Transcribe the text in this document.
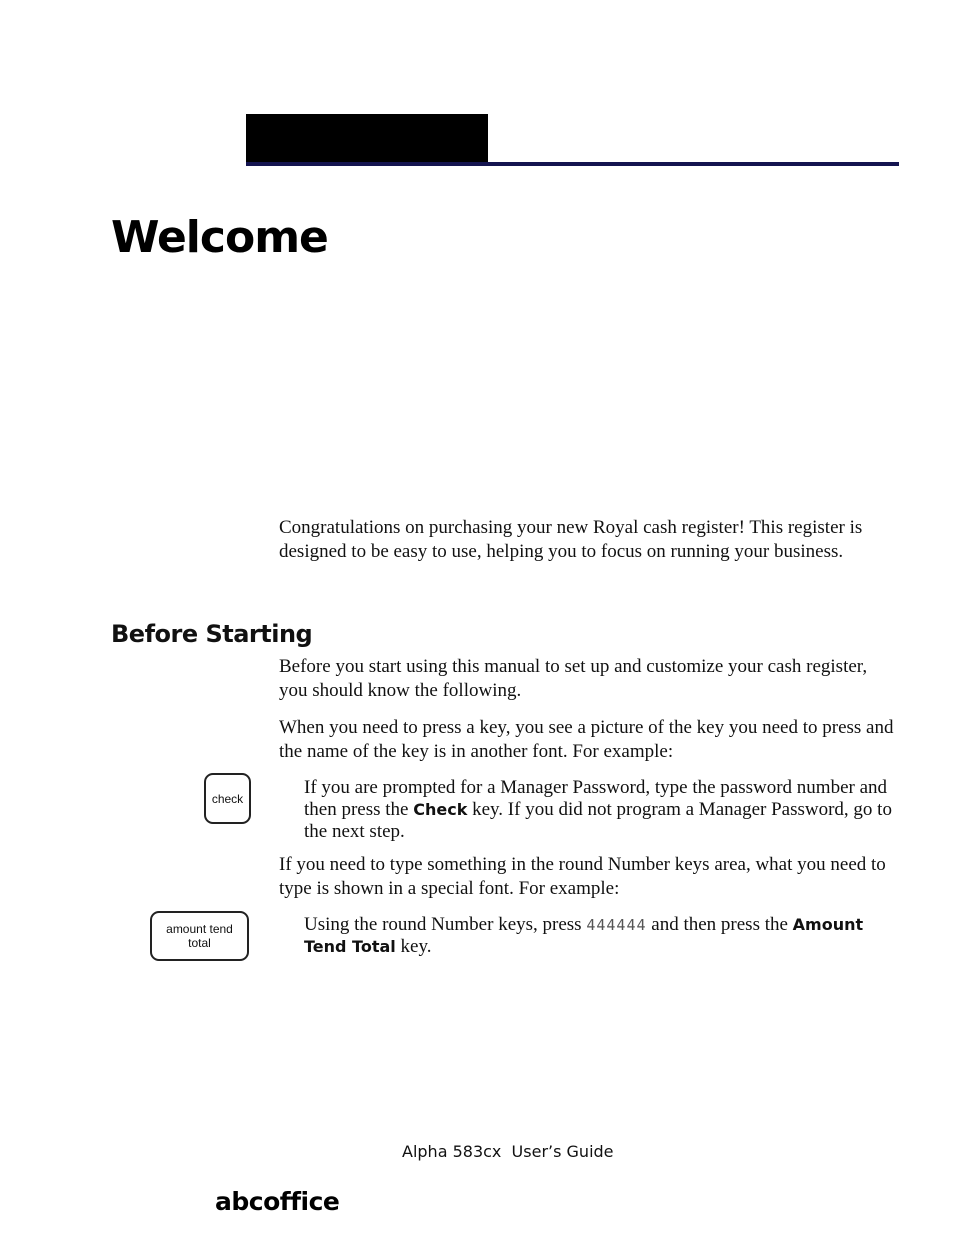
Welcome

Congratulations on purchasing your new Royal cash register! This register is designed to be easy to use, helping you to focus on running your business.

Before Starting

Before you start using this manual to set up and customize your cash register, you should know the following.

When you need to press a key, you see a picture of the key you need to press and the name of the key is in another font. For example:

check

If you are prompted for a Manager Password, type the password number and then press the Check key. If you did not program a Manager Password, go to the next step.

If you need to type something in the round Number keys area, what you need to type is shown in a special font. For example:

amount tend total

Using the round Number keys, press 444444 and then press the Amount Tend Total key.

Alpha 583cx  User’s Guide

abcoffice
